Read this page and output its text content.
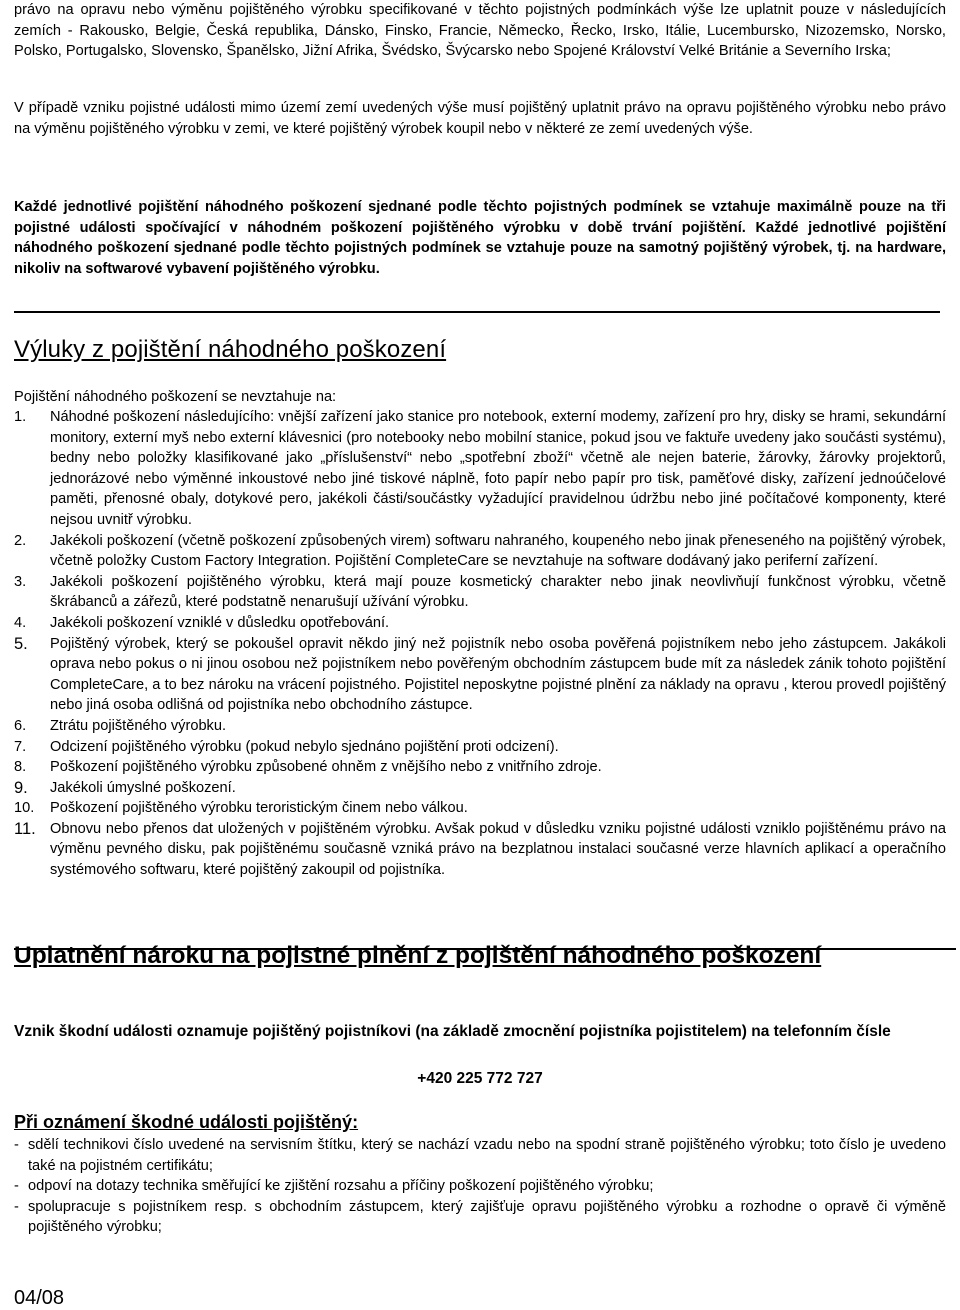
právo na opravu nebo výměnu pojištěného výrobku specifikované v těchto pojistných podmínkách výše lze uplatnit pouze v následujících zemích - Rakousko, Belgie, Česká republika, Dánsko, Finsko, Francie, Německo, Řecko, Irsko, Itálie, Lucembursko, Nizozemsko, Norsko, Polsko, Portugalsko, Slovensko, Španělsko, Jižní Afrika, Švédsko, Švýcarsko nebo Spojené Království Velké Británie a Severního Irska;

V případě vzniku pojistné události mimo území zemí uvedených výše musí pojištěný uplatnit právo na opravu pojištěného výrobku nebo právo na výměnu pojištěného výrobku v zemi, ve které pojištěný výrobek koupil nebo v některé ze zemí uvedených výše.

Každé jednotlivé pojištění náhodného poškození sjednané podle těchto pojistných podmínek se vztahuje maximálně pouze na tři pojistné události spočívající v náhodném poškození pojištěného výrobku v době trvání pojištění. Každé jednotlivé pojištění náhodného poškození sjednané podle těchto pojistných podmínek se vztahuje pouze na samotný pojištěný výrobek, tj. na hardware, nikoliv na softwarové vybavení pojištěného výrobku.

Výluky z pojištění náhodného poškození

Pojištění náhodného poškození se nevztahuje na:

1.	Náhodné poškození následujícího: vnější zařízení jako stanice pro notebook, externí modemy, zařízení pro hry, disky se hrami, sekundární monitory, externí myš nebo externí klávesnici (pro notebooky nebo mobilní stanice, pokud jsou ve faktuře uvedeny jako součásti systému), bedny nebo položky klasifikované jako „příslušenství“ nebo „spotřební zboží“ včetně ale nejen baterie, žárovky, žárovky projektorů, jednorázové nebo výměnné inkoustové nebo jiné tiskové náplně, foto papír nebo papír pro tisk, paměťové disky, zařízení jednoúčelové paměti, přenosné obaly, dotykové pero, jakékoli části/součástky vyžadující pravidelnou údržbu nebo jiné počítačové komponenty, které nejsou uvnitř výrobku.
2.	Jakékoli poškození (včetně poškození způsobených virem) softwaru nahraného, koupeného nebo jinak přeneseného na pojištěný výrobek, včetně položky Custom Factory Integration. Pojištění CompleteCare se nevztahuje na software dodávaný jako periferní zařízení.
3.	Jakékoli poškození pojištěného výrobku, která mají pouze kosmetický charakter nebo jinak neovlivňují funkčnost výrobku, včetně škrábanců a zářezů, které podstatně nenarušují užívání výrobku.
4.	Jakékoli poškození vzniklé v důsledku opotřebování.
5.	Pojištěný výrobek, který se pokoušel opravit někdo jiný než pojistník nebo osoba pověřená pojistníkem nebo jeho zástupcem. Jakákoli oprava nebo pokus o ni jinou osobou než pojistníkem nebo pověřeným obchodním zástupcem bude mít za následek zánik tohoto pojištění CompleteCare, a to bez nároku na vrácení pojistného. Pojistitel neposkytne pojistné plnění za náklady na opravu , kterou provedl pojištěný nebo jiná osoba odlišná od pojistníka nebo obchodního zástupce.
6.	Ztrátu pojištěného výrobku.
7.	Odcizení pojištěného výrobku (pokud nebylo sjednáno pojištění proti odcizení).
8.	Poškození pojištěného výrobku způsobené ohněm z vnějšího nebo z vnitřního zdroje.
9.	Jakékoli úmyslné poškození.
10.	Poškození pojištěného výrobku teroristickým činem nebo válkou.
11. Obnovu nebo přenos dat uložených v pojištěném výrobku. Avšak pokud v důsledku vzniku pojistné události vzniklo pojištěnému právo na výměnu pevného disku, pak pojištěnému současně vzniká právo na bezplatnou instalaci současné verze hlavních aplikací a operačního systémového softwaru, které pojištěný zakoupil od pojistníka.
Uplatnění nároku na pojistné plnění z pojištění náhodného poškození

Vznik škodní události oznamuje pojištěný pojistníkovi (na základě zmocnění pojistníka pojistitelem) na telefonním čísle

+420 225 772 727
Při oznámení škodné události pojištěný:
- sdělí technikovi číslo uvedené na servisním štítku, který se nachází vzadu nebo na spodní straně pojištěného výrobku; toto číslo je uvedeno také na pojistném certifikátu;
- odpoví na dotazy technika směřující ke zjištění rozsahu a příčiny poškození pojištěného výrobku;
- spolupracuje s pojistníkem resp. s obchodním zástupcem, který zajišťuje opravu pojištěného výrobku a rozhodne o opravě či výměně pojištěného výrobku;
04/08
